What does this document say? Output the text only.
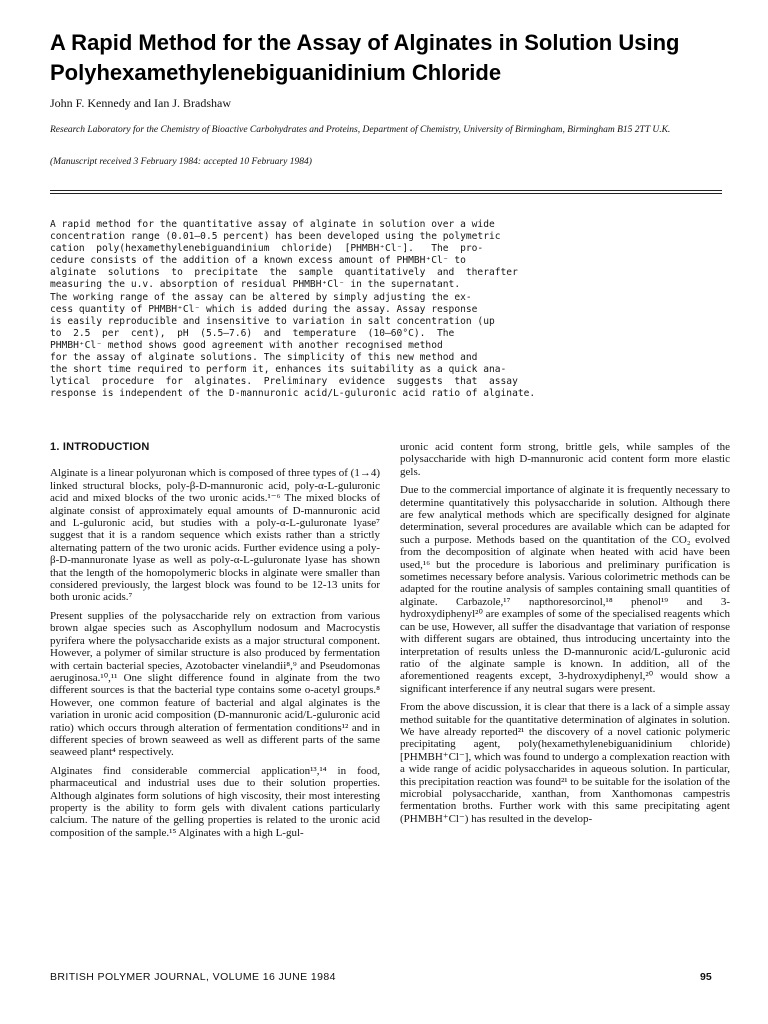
A Rapid Method for the Assay of Alginates in Solution Using Polyhexamethylenebiguanidinium Chloride

John F. Kennedy and Ian J. Bradshaw

Research Laboratory for the Chemistry of Bioactive Carbohydrates and Proteins, Department of Chemistry, University of Birmingham, Birmingham B15 2TT U.K.

(Manuscript received 3 February 1984: accepted 10 February 1984)

A rapid method for the quantitative assay of alginate in solution over a wide
concentration range (0.01–0.5 percent) has been developed using the polymetric
cation  poly(hexamethylenebiguandinium  chloride)  [PHMBH⁺Cl⁻].   The  pro-
cedure consists of the addition of a known excess amount of PHMBH⁺Cl⁻ to
alginate  solutions  to  precipitate  the  sample  quantitatively  and  therafter
measuring the u.v. absorption of residual PHMBH⁺Cl⁻ in the supernatant.
The working range of the assay can be altered by simply adjusting the ex-
cess quantity of PHMBH⁺Cl⁻ which is added during the assay. Assay response
is easily reproducible and insensitive to variation in salt concentration (up
to  2.5  per  cent),  pH  (5.5–7.6)  and  temperature  (10–60°C).  The
PHMBH⁺Cl⁻ method shows good agreement with another recognised method
for the assay of alginate solutions. The simplicity of this new method and
the short time required to perform it, enhances its suitability as a quick ana-
lytical  procedure  for  alginates.  Preliminary  evidence  suggests  that  assay
response is independent of the D-mannuronic acid/L-guluronic acid ratio of alginate.
1. INTRODUCTION

Alginate is a linear polyuronan which is composed of three types of (1→4) linked structural blocks, poly-β-D-mannuronic acid, poly-α-L-guluronic acid and mixed blocks of the two uronic acids.¹⁻⁶ The mixed blocks of alginate consist of approximately equal amounts of D-mannuronic acid and L-guluronic acid, but studies with a poly-α-L-guluronate lyase⁷ suggest that it is a random sequence which exists rather than a strictly alternating pattern of the two uronic acids. Further evidence using a poly-β-D-mannuronate lyase as well as poly-α-L-guluronate lyase has shown that the length of the homopolymeric blocks in alginate were smaller than considered previously, the largest block was found to be 12-13 units for both uronic acids.⁷

Present supplies of the polysaccharide rely on extraction from various brown algae species such as Ascophyllum nodosum and Macrocystis pyrifera where the polysaccharide exists as a major structural component. However, a polymer of similar structure is also produced by fermentation with certain bacterial species, Azotobacter vinelandii⁸,⁹ and Pseudomonas aeruginosa.¹⁰,¹¹ One slight difference found in alginate from the two different sources is that the bacterial type contains some o-acetyl groups.⁸ However, one common feature of bacterial and algal alginates is the variation in uronic acid composition (D-mannuronic acid/L-guluronic acid ratio) which occurs through alteration of fermentation conditions¹² and in different species of brown seaweed as well as different parts of the same seaweed plant⁴ respectively.

Alginates find considerable commercial application¹³,¹⁴ in food, pharmaceutical and industrial uses due to their solution properties. Although alginates form solutions of high viscosity, their most interesting property is the ability to form gels with divalent cations particularly calcium. The nature of the gelling properties is related to the uronic acid composition of the sample.¹⁵ Alginates with a high L-gul-

uronic acid content form strong, brittle gels, while samples of the polysaccharide with high D-mannuronic acid content form more elastic gels.

Due to the commercial importance of alginate it is frequently necessary to determine quantitatively this polysaccharide in solution. Although there are few analytical methods which are specifically designed for alginate determination, several procedures are available which can be adapted for such a purpose. Methods based on the quantitation of the CO₂ evolved from the decomposition of alginate when heated with acid have been used,¹⁶ but the procedure is laborious and preliminary purification is sometimes necessary before analysis. Various colorimetric methods can be adapted for the routine analysis of samples containing small quantities of alginate. Carbazole,¹⁷ napthoresorcinol,¹⁸ phenol¹⁹ and 3-hydroxydiphenyl²⁰ are examples of some of the specialised reagents which can be use, However, all suffer the disadvantage that variation of response with different sugars are obtained, thus introducing uncertainty into the interpretation of results unless the D-mannuronic acid/L-guluronic acid ratio of the alginate sample is known. In addition, all of the aforementioned reagents except, 3-hydroxydiphenyl,²⁰ would show a significant interference if any neutral sugars were present.

From the above discussion, it is clear that there is a lack of a simple assay method suitable for the quantitative determination of alginates in solution. We have already reported²¹ the discovery of a novel cationic polymeric precipitating agent, poly(hexamethylenebiguanidinium chloride) [PHMBH⁺Cl⁻], which was found to undergo a complexation reaction with a wide range of acidic polysaccharides in aqueous solution. In particular, this precipitation reaction was found²¹ to be suitable for the isolation of the microbial polysaccharide, xanthan, from Xanthomonas campestris fermentation broths. Further work with this same precipitating agent (PHMBH⁺Cl⁻) has resulted in the develop-

BRITISH POLYMER JOURNAL, VOLUME 16 JUNE 1984	95
